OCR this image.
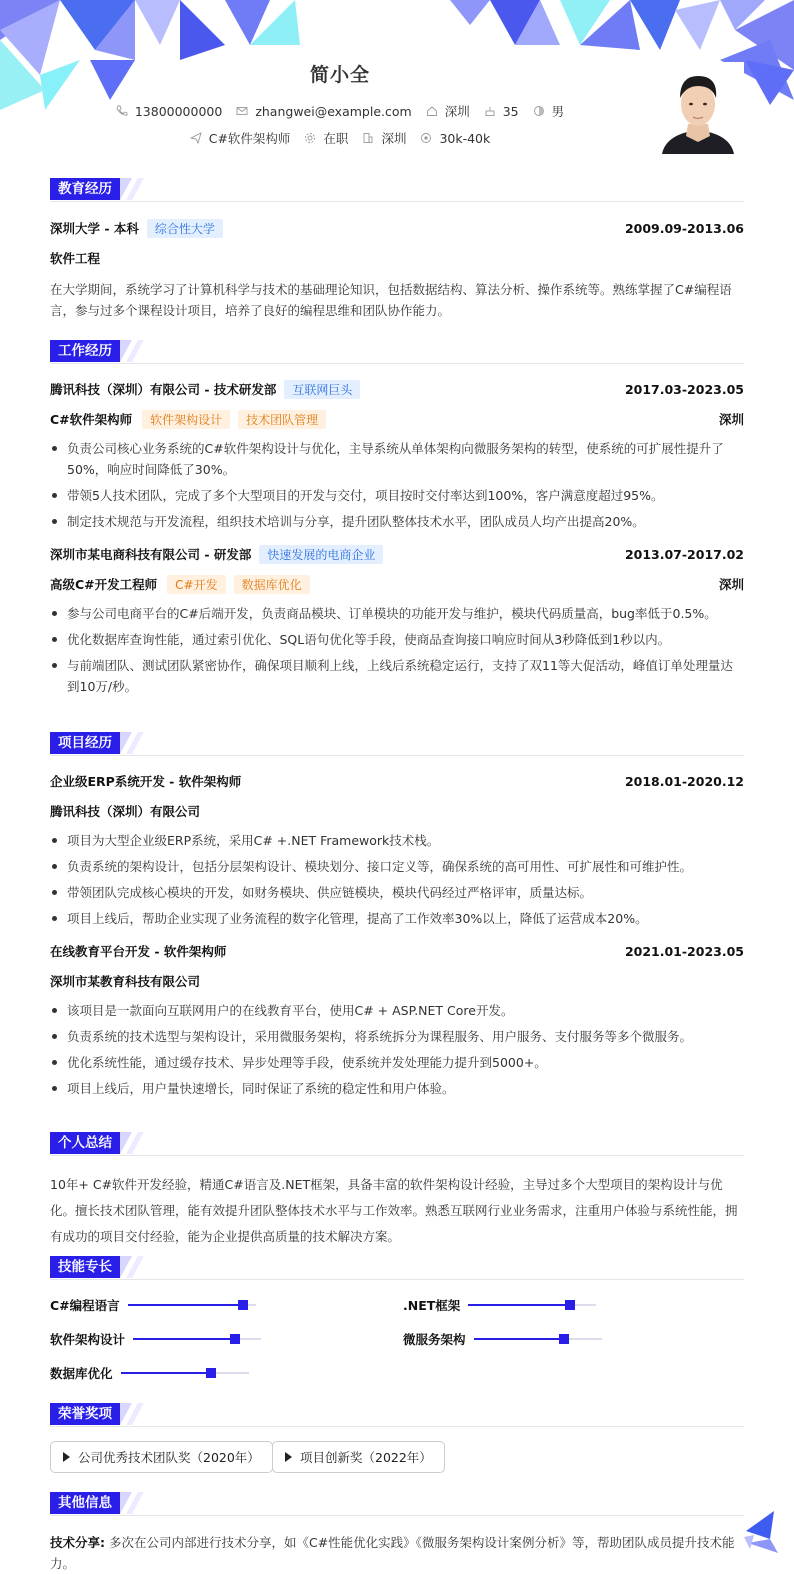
简小全
13800000000	zhangwei@example.com	深圳	35	男
C#软件架构师	在职	深圳	30k-40k
教育经历
深圳大学 - 本科	综合性大学	2009.09-2013.06
软件工程
在大学期间，系统学习了计算机科学与技术的基础理论知识，包括数据结构、算法分析、操作系统等。熟练掌握了C#编程语言，参与过多个课程设计项目，培养了良好的编程思维和团队协作能力。
工作经历
腾讯科技（深圳）有限公司 - 技术研发部	互联网巨头	2017.03-2023.05
C#软件架构师	软件架构设计	技术团队管理	深圳
负责公司核心业务系统的C#软件架构设计与优化，主导系统从单体架构向微服务架构的转型，使系统的可扩展性提升了50%，响应时间降低了30%。
带领5人技术团队，完成了多个大型项目的开发与交付，项目按时交付率达到100%，客户满意度超过95%。
制定技术规范与开发流程，组织技术培训与分享，提升团队整体技术水平，团队成员人均产出提高20%。
深圳市某电商科技有限公司 - 研发部	快速发展的电商企业	2013.07-2017.02
高级C#开发工程师	C#开发	数据库优化	深圳
参与公司电商平台的C#后端开发，负责商品模块、订单模块的功能开发与维护，模块代码质量高，bug率低于0.5%。
优化数据库查询性能，通过索引优化、SQL语句优化等手段，使商品查询接口响应时间从3秒降低到1秒以内。
与前端团队、测试团队紧密协作，确保项目顺利上线，上线后系统稳定运行，支持了双11等大促活动，峰值订单处理量达到10万/秒。
项目经历
企业级ERP系统开发 - 软件架构师	2018.01-2020.12
腾讯科技（深圳）有限公司
项目为大型企业级ERP系统，采用C# +.NET Framework技术栈。
负责系统的架构设计，包括分层架构设计、模块划分、接口定义等，确保系统的高可用性、可扩展性和可维护性。
带领团队完成核心模块的开发，如财务模块、供应链模块，模块代码经过严格评审，质量达标。
项目上线后，帮助企业实现了业务流程的数字化管理，提高了工作效率30%以上，降低了运营成本20%。
在线教育平台开发 - 软件架构师	2021.01-2023.05
深圳市某教育科技有限公司
该项目是一款面向互联网用户的在线教育平台，使用C# + ASP.NET Core开发。
负责系统的技术选型与架构设计，采用微服务架构，将系统拆分为课程服务、用户服务、支付服务等多个微服务。
优化系统性能，通过缓存技术、异步处理等手段，使系统并发处理能力提升到5000+。
项目上线后，用户量快速增长，同时保证了系统的稳定性和用户体验。
个人总结
10年+ C#软件开发经验，精通C#语言及.NET框架，具备丰富的软件架构设计经验，主导过多个大型项目的架构设计与优化。擅长技术团队管理，能有效提升团队整体技术水平与工作效率。熟悉互联网行业业务需求，注重用户体验与系统性能，拥有成功的项目交付经验，能为企业提供高质量的技术解决方案。
技能专长
C#编程语言	.NET框架
软件架构设计	微服务架构
数据库优化
荣誉奖项
公司优秀技术团队奖（2020年）	项目创新奖（2022年）
其他信息
技术分享: 多次在公司内部进行技术分享，如《C#性能优化实践》《微服务架构设计案例分析》等，帮助团队成员提升技术能力。
